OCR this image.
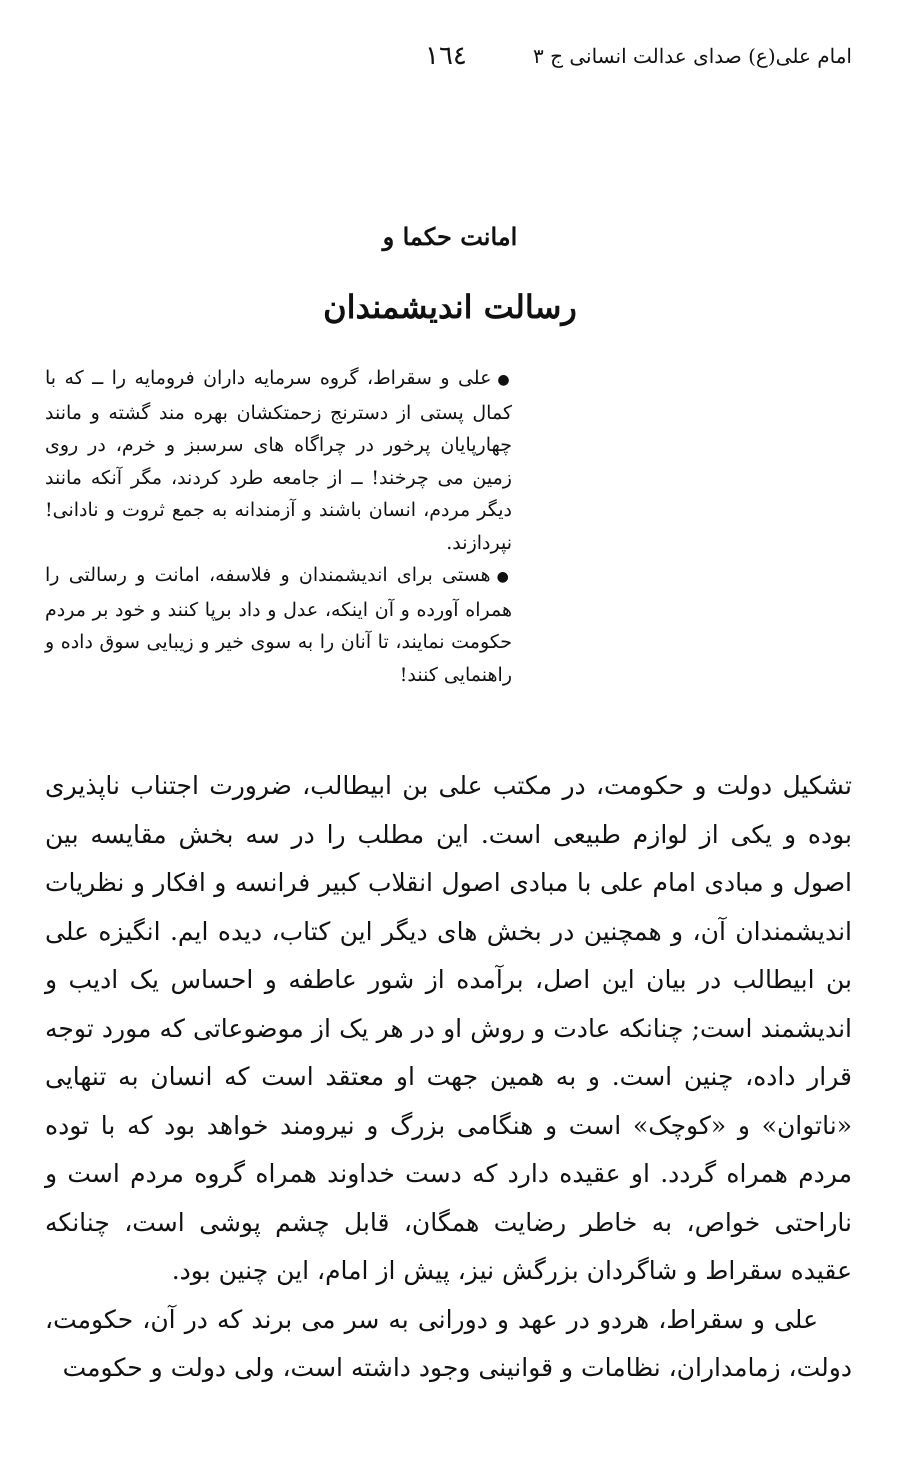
امام علی(ع) صدای عدالت انسانی ج ۳
۱٦٤
امانت حکما و
رسالت اندیشمندان

●علی و سقراط، گروه سرمایه داران فرومایه را ــ که با کمال پستی از دسترنج زحمتکشان بهره مند گشته و مانند چهارپایان پرخور در چراگاه های سرسبز و خرم، در روی زمین می چرخند! ــ از جامعه طرد کردند، مگر آنکه مانند دیگر مردم، انسان باشند و آزمندانه به جمع ثروت و نادانی! نپردازند.

●هستی برای اندیشمندان و فلاسفه، امانت و رسالتی را همراه آورده و آن اینکه، عدل و داد برپا کنند و خود بر مردم حکومت نمایند، تا آنان را به سوی خیر و زیبایی سوق داده و راهنمایی کنند!

تشکیل دولت و حکومت، در مکتب علی بن ابیطالب، ضرورت اجتناب ناپذیری بوده و یکی از لوازم طبیعی است. این مطلب را در سه بخش مقایسه بین اصول و مبادی امام علی با مبادی اصول انقلاب کبیر فرانسه و افکار و نظریات اندیشمندان آن، و همچنین در بخش های دیگر این کتاب، دیده ایم. انگیزه علی بن ابیطالب در بیان این اصل، برآمده از شور عاطفه و احساس یک ادیب و اندیشمند است; چنانکه عادت و روش او در هر یک از موضوعاتی که مورد توجه قرار داده، چنین است. و به همین جهت او معتقد است که انسان به تنهایی «ناتوان» و «کوچک» است و هنگامی بزرگ و نیرومند خواهد بود که با توده مردم همراه گردد. او عقیده دارد که دست خداوند همراه گروه مردم است و ناراحتی خواص، به خاطر رضایت همگان، قابل چشم پوشی است، چنانکه عقیده سقراط و شاگردان بزرگش نیز، پیش از امام، این چنین بود.

علی و سقراط، هردو در عهد و دورانی به سر می برند که در آن، حکومت، دولت، زمامداران، نظامات و قوانینی وجود داشته است، ولی دولت و حکومت
